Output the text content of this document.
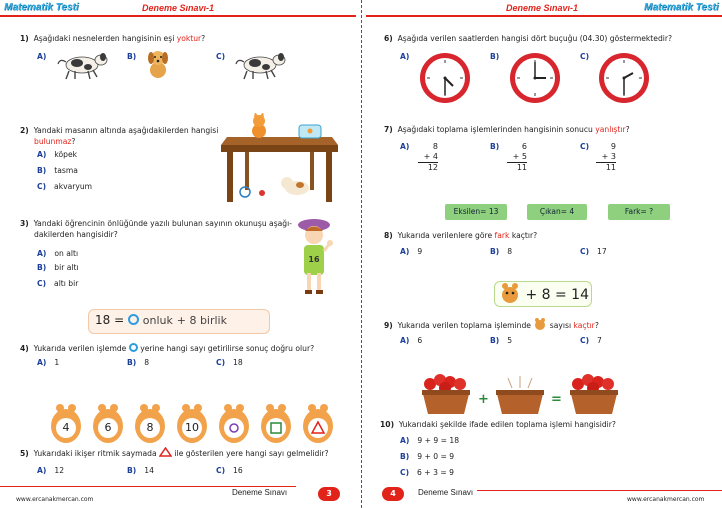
Matematik Testi	Deneme Sınavı-1
1) Aşağıdaki nesnelerden hangisinin eşi yoktur?
A)	B)	C)
2) Yandaki masanın altında aşağıdakilerden hangisi
bulunmaz?
A) köpek
B) tasma
C) akvaryum
3) Yandaki öğrencinin önlüğünde yazılı bulunan sayının okunuşu aşağı-
dakilerden hangisidir?
A) on altı
B) bir altı
C) altı bir
16
18 = onluk + 8 birlik
4) Yukarıda verilen işlemde yerine hangi sayı getirilirse sonuç doğru olur?
A) 1	B) 8	C) 18
4	6	8	10
5) Yukarıdaki ikişer ritmik saymada ile gösterilen yere hangi sayı gelmelidir?
A) 12	B) 14	C) 16
www.ercanakmercan.com
Deneme Sınavı	3
Deneme Sınavı-1	Matematik Testi
6) Aşağıda verilen saatlerden hangisi dört buçuğu (04.30) göstermektedir?
A)	B)	C)
7) Aşağıdaki toplama işlemlerinden hangisinin sonucu yanlıştır?
A)	8
+ 4
12
B)	6
+ 5
11
C)	9
+ 3
11
Eksilen= 13	Çıkan= 4	Fark= ?
8) Yukarıda verilenlere göre fark kaçtır?
A) 9	B) 8	C) 17
+ 8 = 14
9) Yukarıda verilen toplama işleminde sayısı kaçtır?
A) 6	B) 5	C) 7
+	=
10) Yukarıdaki şekilde ifade edilen toplama işlemi hangisidir?
A) 9 + 9 = 18
B) 9 + 0 = 9
C) 6 + 3 = 9
4	Deneme Sınavı
www.ercanakmercan.com
